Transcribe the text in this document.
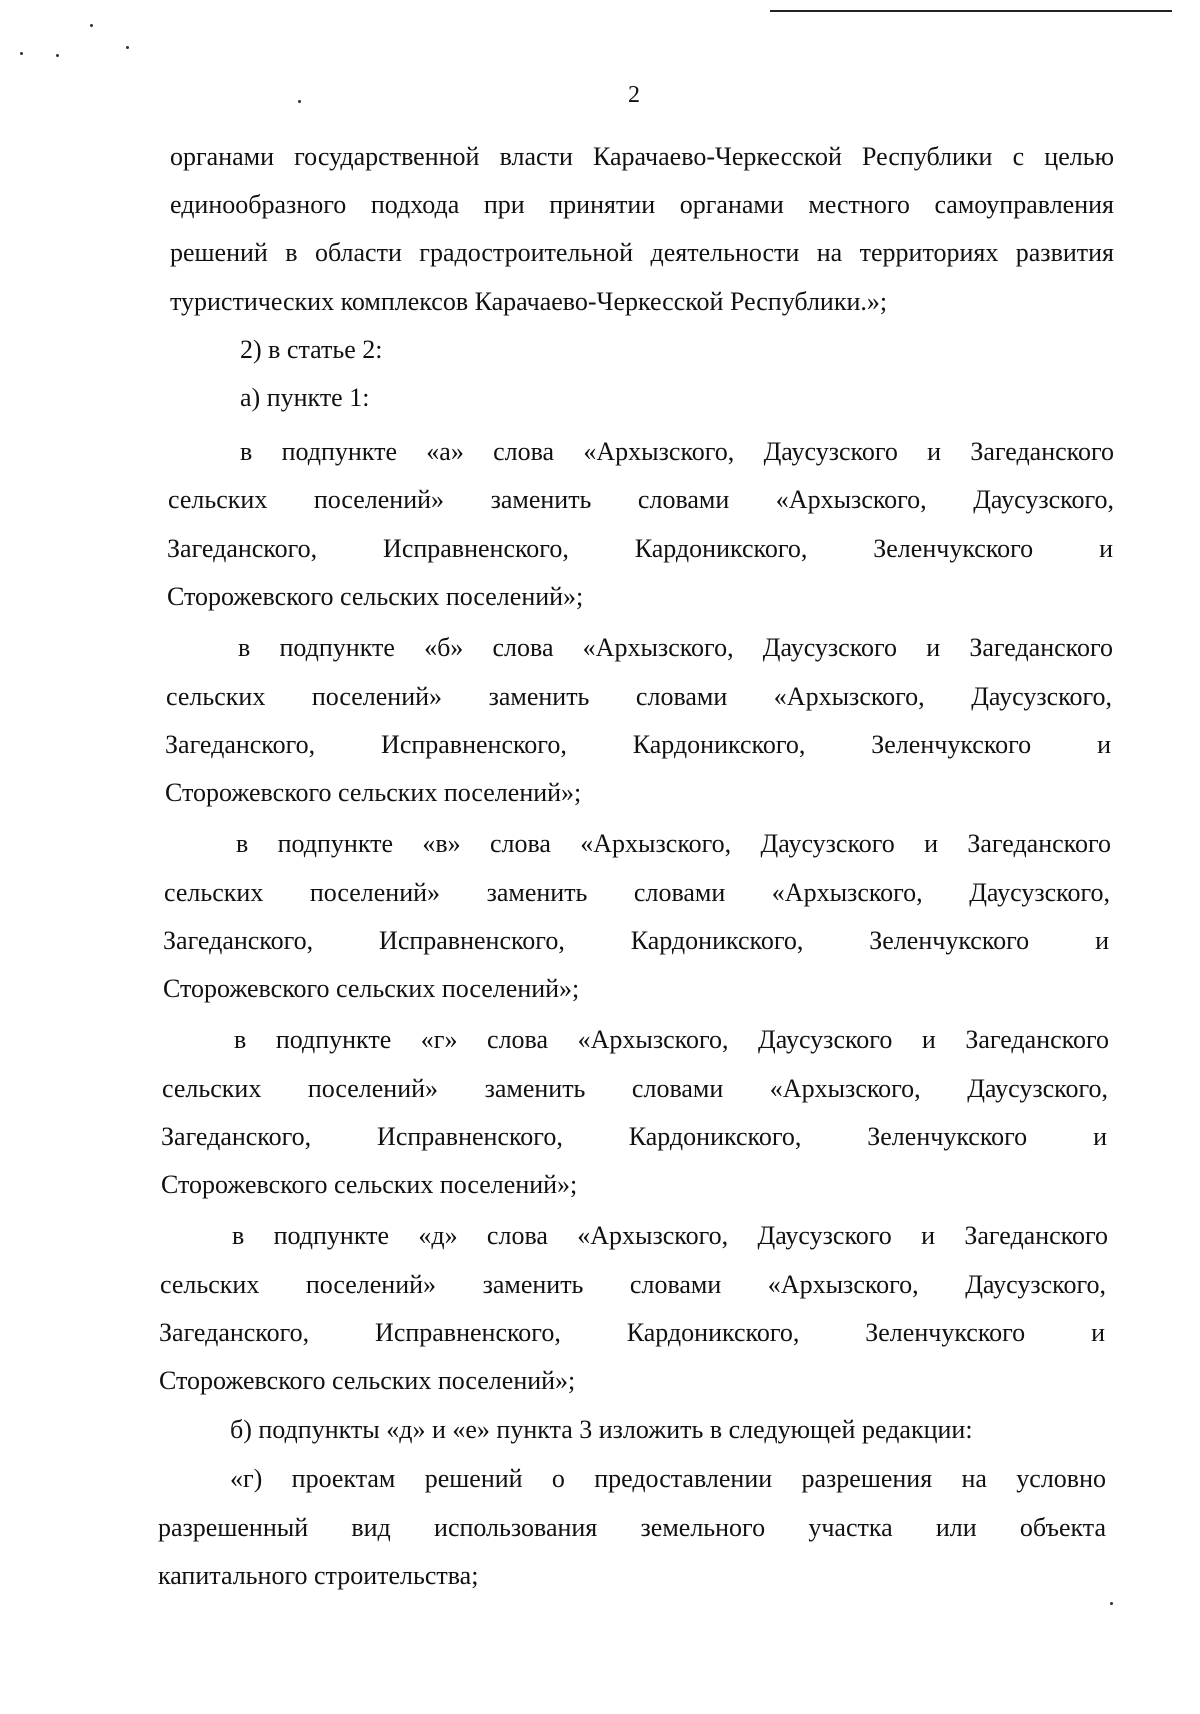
2

органами государственной власти Карачаево-Черкесской Республики с целью

единообразного подхода при принятии органами местного самоуправления

решений в области градостроительной деятельности на территориях развития

туристических комплексов Карачаево-Черкесской Республики.»;

2) в статье 2:

а) пункте 1:

в подпункте «а» слова «Архызского, Даусузского и Загеданского

сельских поселений» заменить словами «Архызского, Даусузского,

Загеданского, Исправненского, Кардоникского, Зеленчукского и

Сторожевского сельских поселений»;

в подпункте «б» слова «Архызского, Даусузского и Загеданского

сельских поселений» заменить словами «Архызского, Даусузского,

Загеданского, Исправненского, Кардоникского, Зеленчукского и

Сторожевского сельских поселений»;

в подпункте «в» слова «Архызского, Даусузского и Загеданского

сельских поселений» заменить словами «Архызского, Даусузского,

Загеданского, Исправненского, Кардоникского, Зеленчукского и

Сторожевского сельских поселений»;

в подпункте «г» слова «Архызского, Даусузского и Загеданского

сельских поселений» заменить словами «Архызского, Даусузского,

Загеданского, Исправненского, Кардоникского, Зеленчукского и

Сторожевского сельских поселений»;

в подпункте «д» слова «Архызского, Даусузского и Загеданского

сельских поселений» заменить словами «Архызского, Даусузского,

Загеданского, Исправненского, Кардоникского, Зеленчукского и

Сторожевского сельских поселений»;

б) подпункты «д» и «е» пункта 3 изложить в следующей редакции:

«г) проектам решений о предоставлении разрешения на условно

разрешенный вид использования земельного участка или объекта

капитального строительства;
